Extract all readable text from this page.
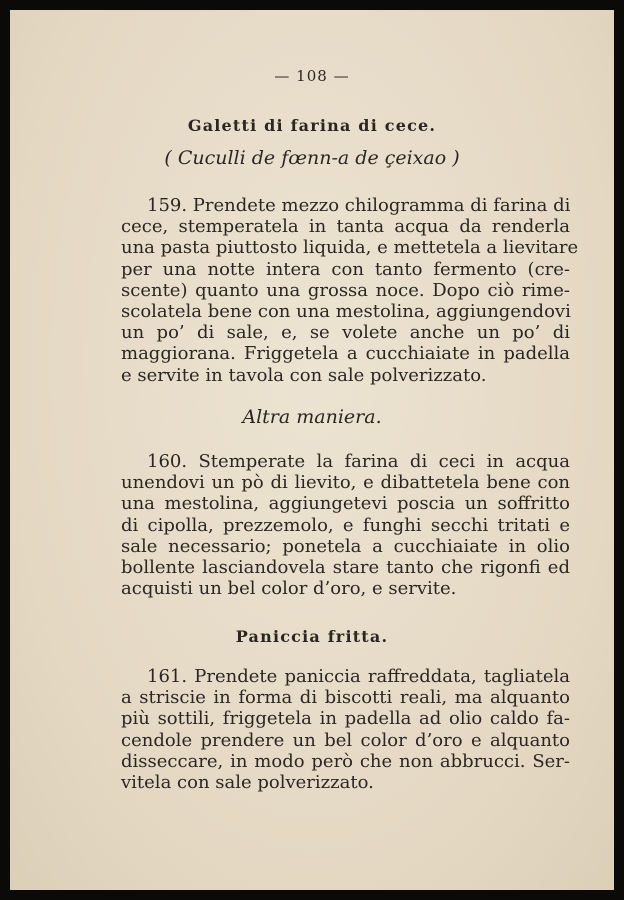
— 108 —
Galetti di farina di cece.
( Cuculli de fœnn-a de çeixao )
159. Prendete mezzo chilogramma di farina di
cece, stemperatela in tanta acqua da renderla
una pasta piuttosto liquida, e mettetela a lievitare
per una notte intera con tanto fermento (cre-
scente) quanto una grossa noce. Dopo ciò rime-
scolatela bene con una mestolina, aggiungendovi
un po’ di sale, e, se volete anche un po’ di
maggiorana. Friggetela a cucchiaiate in padella
e servite in tavola con sale polverizzato.
Altra maniera.
160. Stemperate la farina di ceci in acqua
unendovi un pò di lievito, e dibattetela bene con
una mestolina, aggiungetevi poscia un soffritto
di cipolla, prezzemolo, e funghi secchi tritati e
sale necessario; ponetela a cucchiaiate in olio
bollente lasciandovela stare tanto che rigonfi ed
acquisti un bel color d’oro, e servite.
Paniccia fritta.
161. Prendete paniccia raffreddata, tagliatela
a striscie in forma di biscotti reali, ma alquanto
più sottili, friggetela in padella ad olio caldo fa-
cendole prendere un bel color d’oro e alquanto
disseccare, in modo però che non abbrucci. Ser-
vitela con sale polverizzato.
